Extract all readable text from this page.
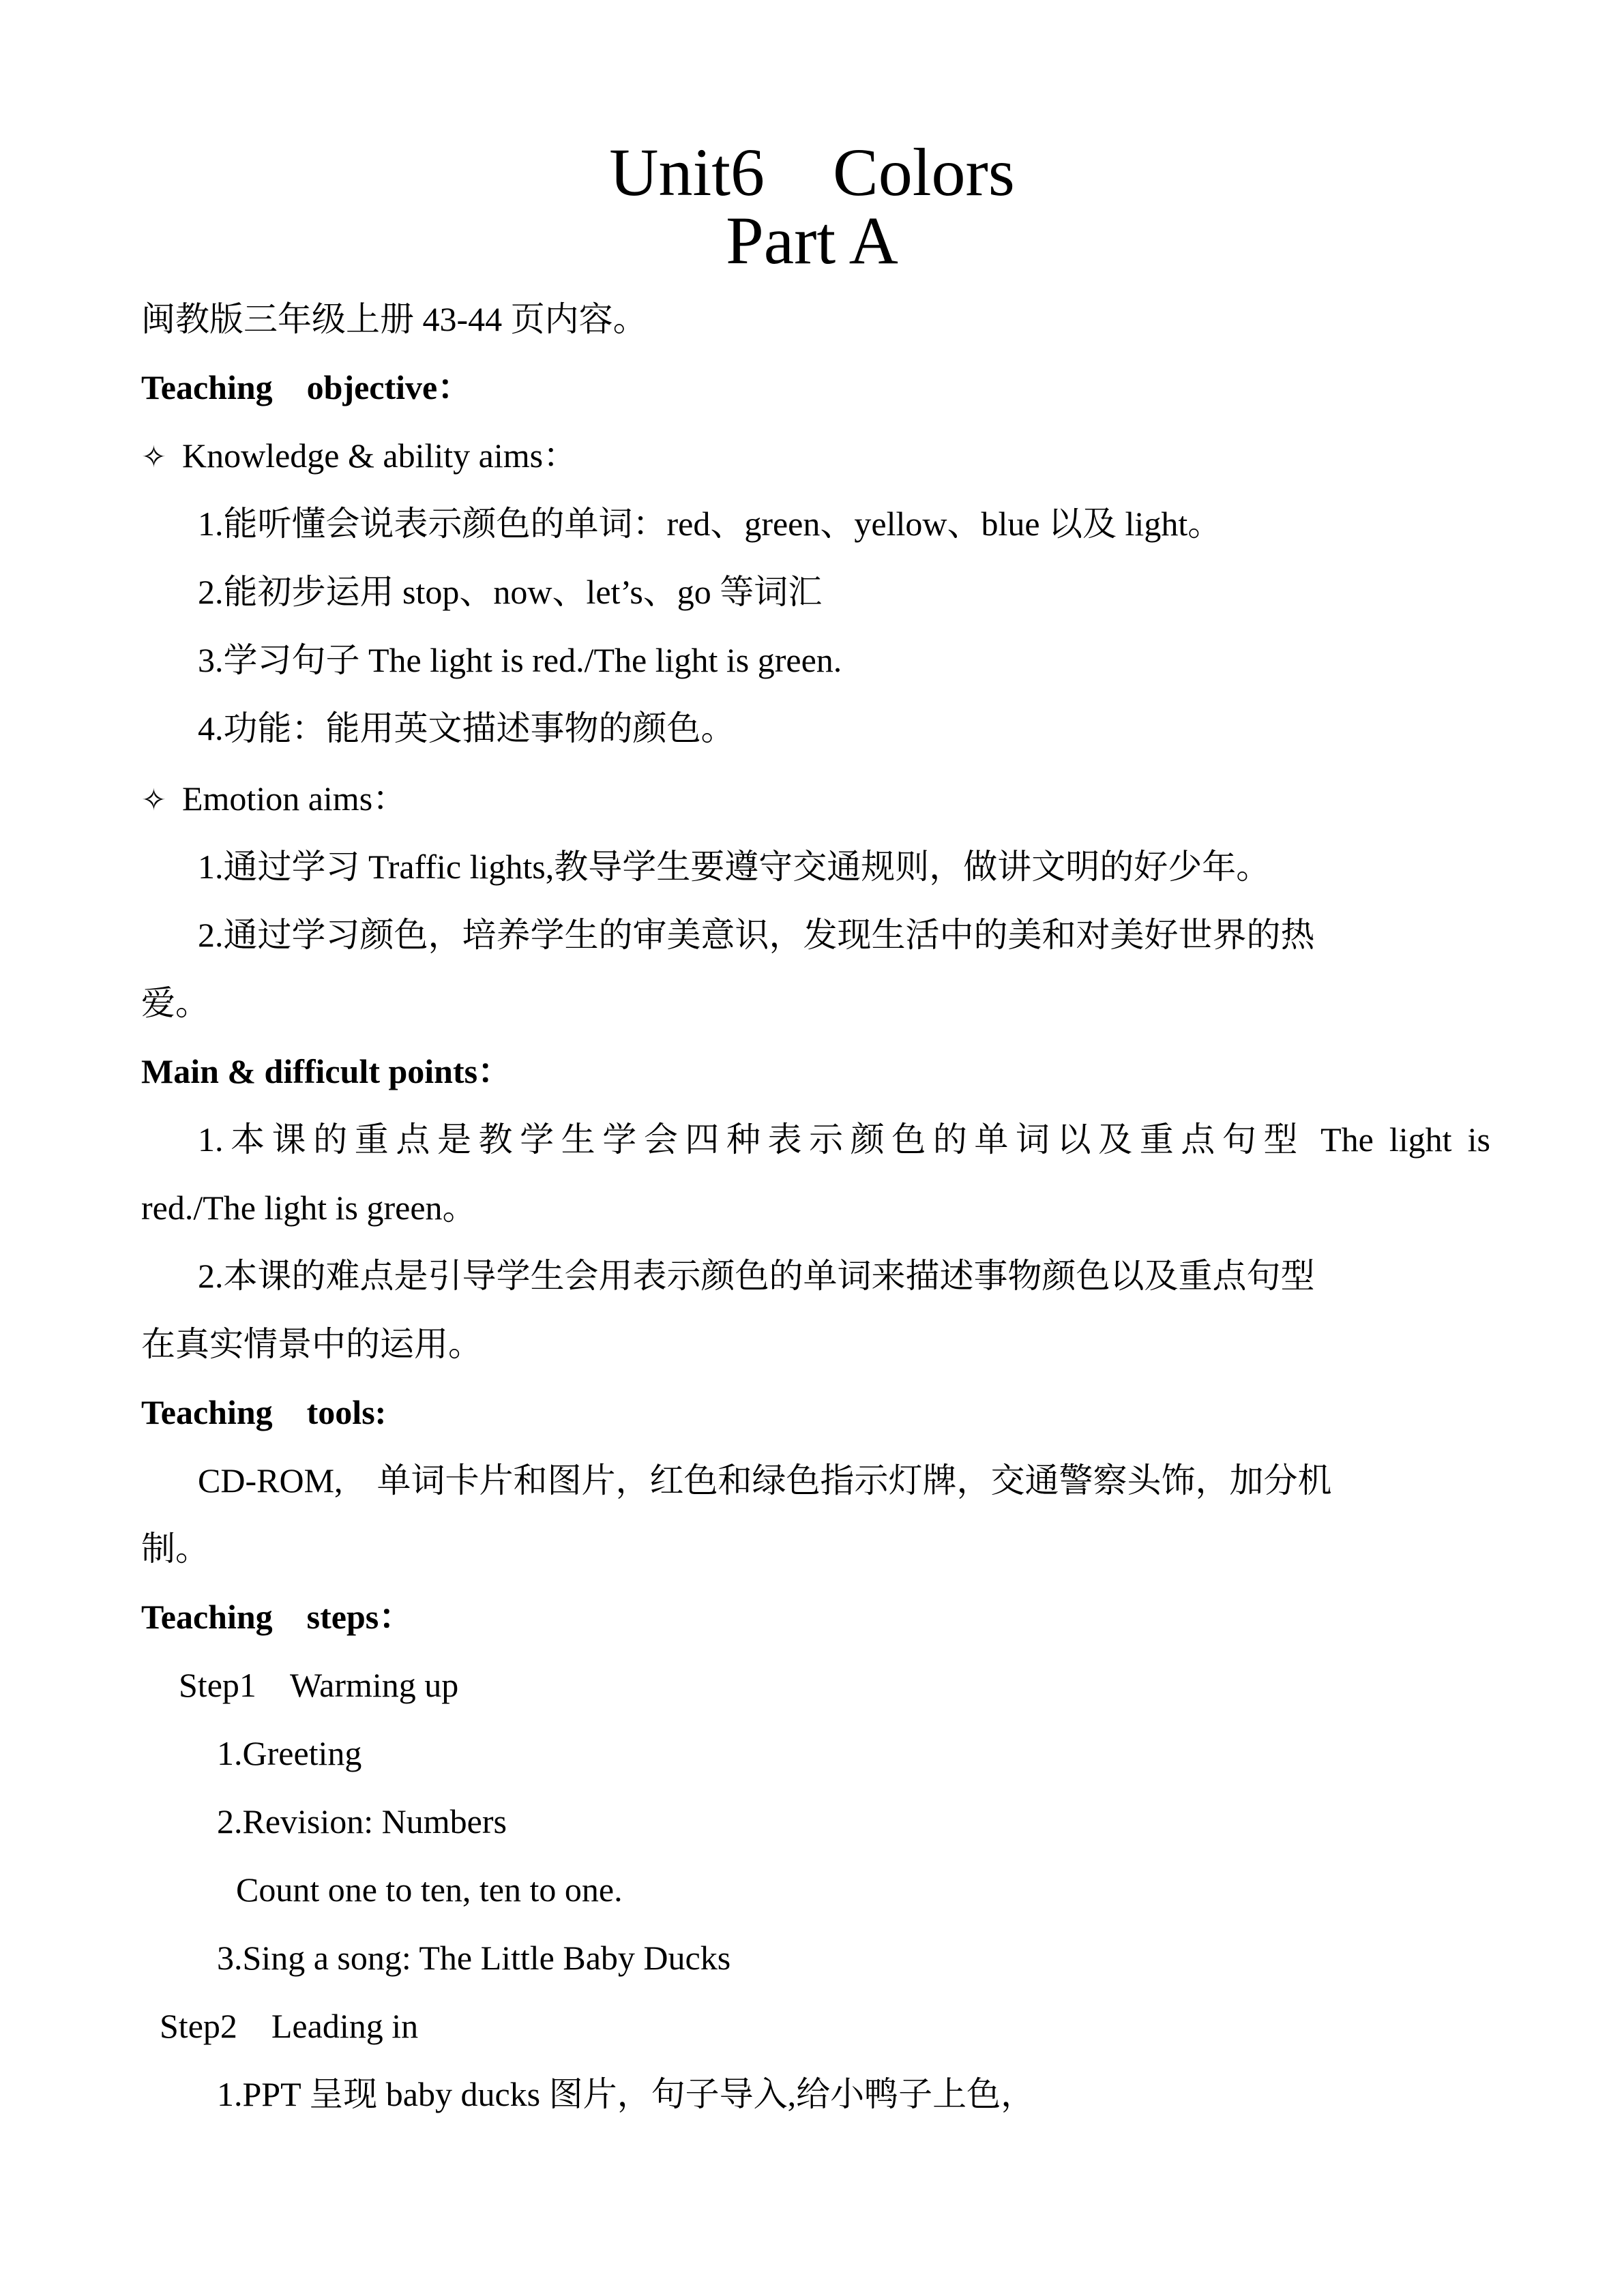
Unit6    Colors
Part A
闽教版三年级上册 43-44 页内容。
Teaching    objective：
✧ Knowledge & ability aims：
1.能听懂会说表示颜色的单词：red、green、yellow、blue 以及 light。
2.能初步运用 stop、now、let’s、go 等词汇
3.学习句子 The light is red./The light is green.
4.功能：能用英文描述事物的颜色。
✧ Emotion aims：
1.通过学习 Traffic lights,教导学生要遵守交通规则，做讲文明的好少年。
2.通过学习颜色，培养学生的审美意识，发现生活中的美和对美好世界的热
爱。
Main & difficult points：
1.本课的重点是教学生学会四种表示颜色的单词以及重点句型 The light is
red./The light is green。
2.本课的难点是引导学生会用表示颜色的单词来描述事物颜色以及重点句型
在真实情景中的运用。
Teaching    tools:
CD-ROM,    单词卡片和图片，红色和绿色指示灯牌，交通警察头饰，加分机
制。
Teaching    steps：
Step1    Warming up
1.Greeting
2.Revision: Numbers
Count one to ten, ten to one.
3.Sing a song: The Little Baby Ducks
Step2    Leading in
1.PPT 呈现 baby ducks 图片，句子导入,给小鸭子上色，
